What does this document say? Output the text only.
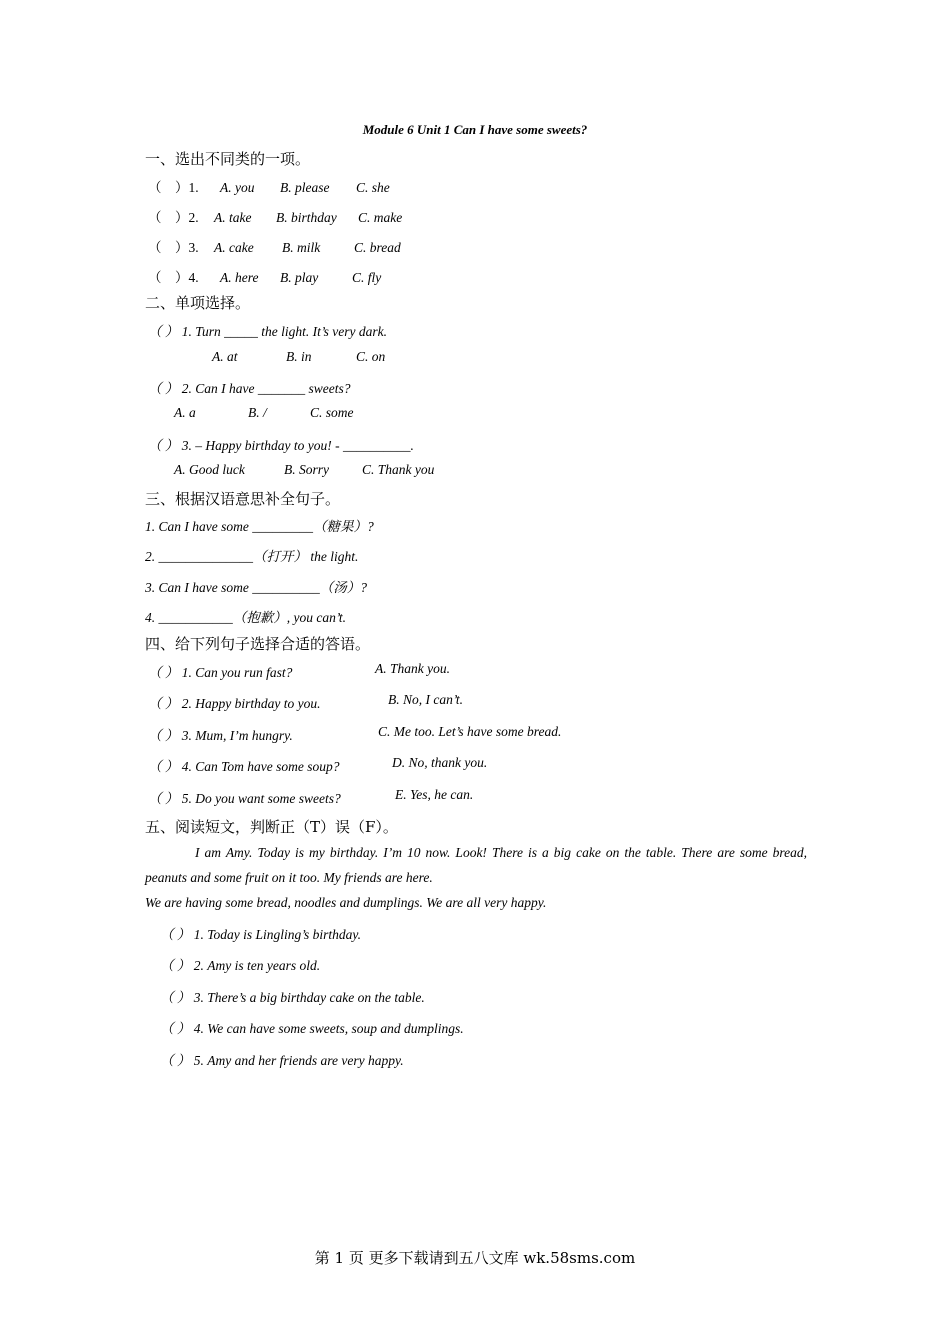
Module 6 Unit 1 Can I have some sweets?
一、选出不同类的一项。
（　）1. A. you B. please C. she
（　）2. A. take B. birthday C. make
（　）3. A. cake B. milk	C. bread
（　）4. A. here B. play	C. fly
二、单项选择。
（ ） 1. Turn _____ the light. It’s very dark.
A. at	B. in	C. on
（ ） 2. Can I have _______ sweets?
A. a	B. /	C. some
（ ） 3. – Happy birthday to you! - __________.
A. Good luck	B. Sorry C. Thank you
三、根据汉语意思补全句子。
1. Can I have some _________（糖果）?
2. ______________（打开） the light.
3. Can I have some __________（汤）?
4. ___________（抱歉）, you can’t.
四、给下列句子选择合适的答语。
（ ） 1. Can you run fast?	A. Thank you.
（ ） 2. Happy birthday to you.	B. No, I can’t.
（ ） 3. Mum, I’m hungry.	C. Me too. Let’s have some bread.
（ ） 4. Can Tom have some soup?	D. No, thank you.
（ ） 5. Do you want some sweets?	E. Yes, he can.
五、阅读短文，判断正（T）误（F）。
I am Amy. Today is my birthday. I’m 10 now. Look! There is a big cake on the table. There are some bread, peanuts and some fruit on it too. My friends are here.
We are having some bread, noodles and dumplings. We are all very happy.
（ ） 1. Today is Lingling’s birthday.
（ ） 2. Amy is ten years old.
（ ） 3. There’s a big birthday cake on the table.
（ ） 4. We can have some sweets, soup and dumplings.
（ ） 5. Amy and her friends are very happy.
第 1 页 更多下载请到五八文库 wk.58sms.com
